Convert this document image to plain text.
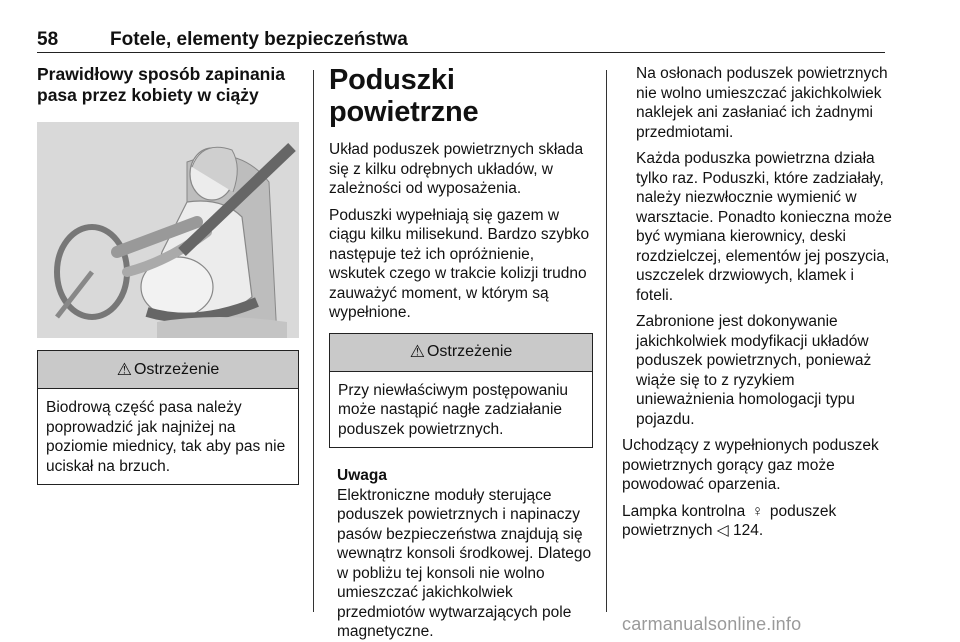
58	Fotele, elementy bezpieczeństwa
Prawidłowy sposób zapinania pasa przez kobiety w ciąży
⚠ Ostrzeżenie
Biodrową część pasa należy poprowadzić jak najniżej na poziomie miednicy, tak aby pas nie uciskał na brzuch.
Poduszki powietrzne

Układ poduszek powietrznych składa się z kilku odrębnych układów, w zależności od wyposażenia.

Poduszki wypełniają się gazem w ciągu kilku milisekund. Bardzo szybko następuje też ich opróżnienie, wskutek czego w trakcie kolizji trudno zauważyć moment, w którym są wypełnione.

⚠ Ostrzeżenie
Przy niewłaściwym postępowaniu może nastąpić nagłe zadziałanie poduszek powietrznych.
Uwaga
Elektroniczne moduły sterujące poduszek powietrznych i napinaczy pasów bezpieczeństwa znajdują się wewnątrz konsoli środkowej. Dlatego w pobliżu tej konsoli nie wolno umieszczać jakichkolwiek przedmiotów wytwarzających pole magnetyczne.

Na osłonach poduszek powietrznych nie wolno umieszczać jakichkolwiek naklejek ani zasłaniać ich żadnymi przedmiotami.

Każda poduszka powietrzna działa tylko raz. Poduszki, które zadziałały, należy niezwłocznie wymienić w warsztacie. Ponadto konieczna może być wymiana kierownicy, deski rozdzielczej, elementów jej poszycia, uszczelek drzwiowych, klamek i foteli.

Zabronione jest dokonywanie jakichkolwiek modyfikacji układów poduszek powietrznych, ponieważ wiąże się to z ryzykiem unieważnienia homologacji typu pojazdu.

Uchodzący z wypełnionych poduszek powietrznych gorący gaz może powodować oparzenia.

Lampka kontrolna ♀ poduszek powietrznych ◁ 124.

carmanualsonline.info
